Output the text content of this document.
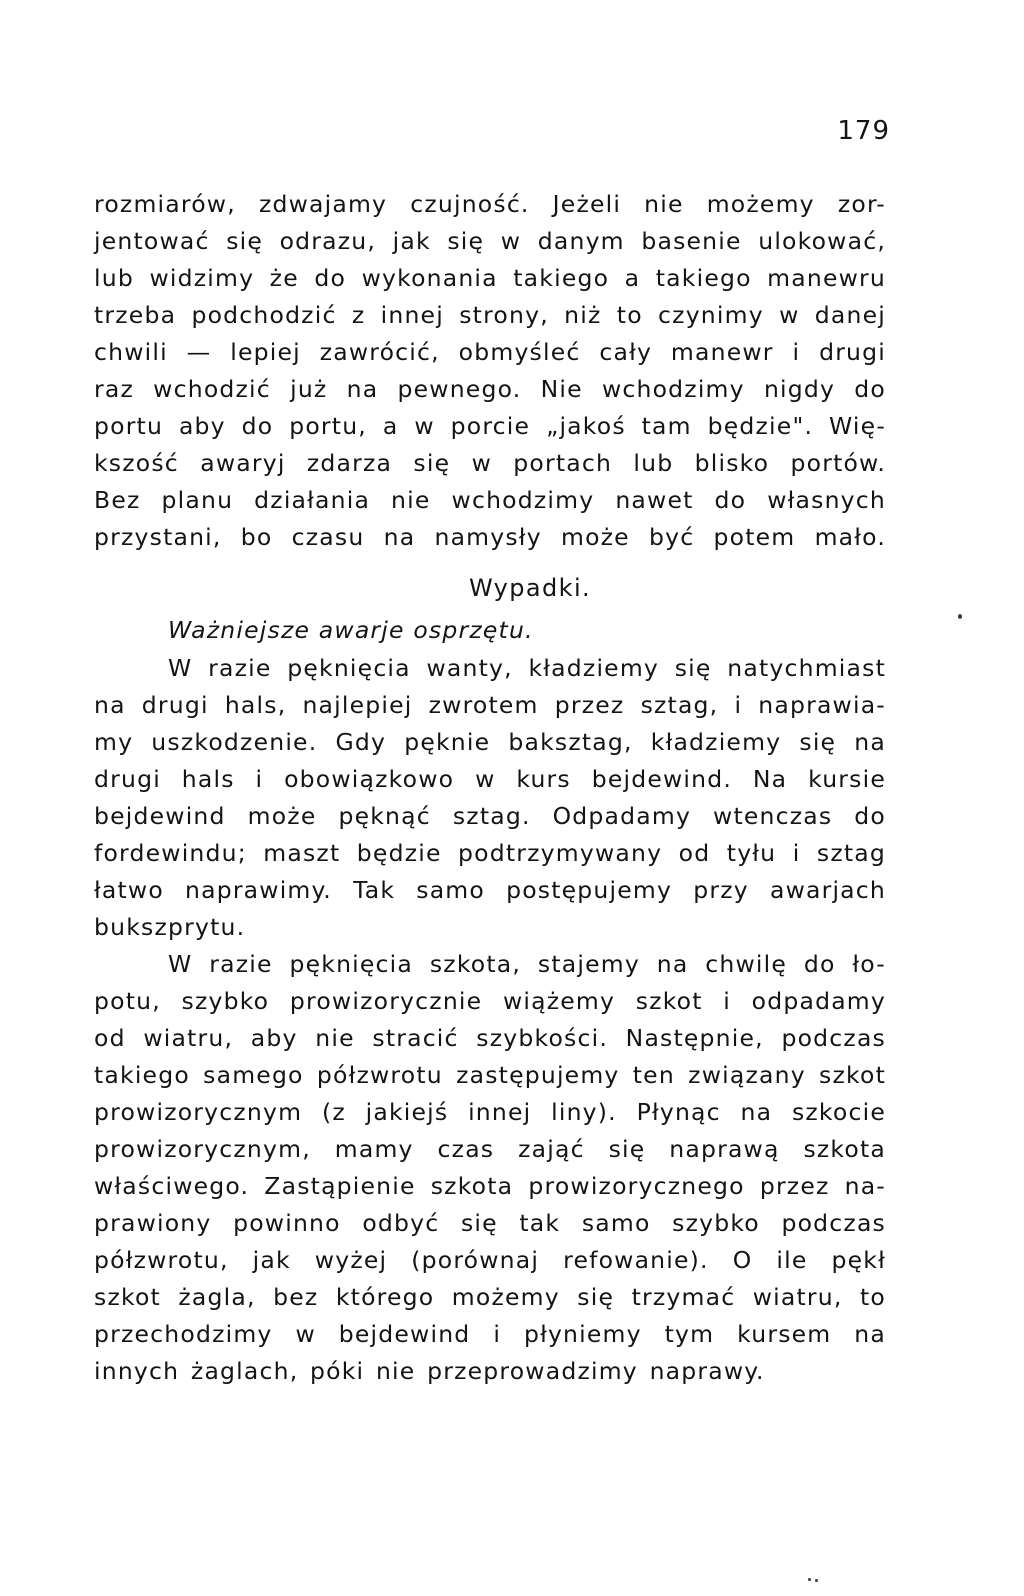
179
rozmiarów, zdwajamy czujność. Jeżeli nie możemy zor-
jentować się odrazu, jak się w danym basenie ulokować,
lub widzimy że do wykonania takiego a takiego manewru
trzeba podchodzić z innej strony, niż to czynimy w danej
chwili — lepiej zawrócić, obmyśleć cały manewr i drugi
raz wchodzić już na pewnego. Nie wchodzimy nigdy do
portu aby do portu, a w porcie „jakoś tam będzie". Wię-
kszość awaryj zdarza się w portach lub blisko portów.
Bez planu działania nie wchodzimy nawet do własnych
przystani, bo czasu na namysły może być potem mało.
Wypadki.
Ważniejsze awarje osprzętu.
W razie pęknięcia wanty, kładziemy się natychmiast
na drugi hals, najlepiej zwrotem przez sztag, i naprawia-
my uszkodzenie. Gdy pęknie baksztag, kładziemy się na
drugi hals i obowiązkowo w kurs bejdewind. Na kursie
bejdewind może pęknąć sztag. Odpadamy wtenczas do
fordewindu; maszt będzie podtrzymywany od tyłu i sztag
łatwo naprawimy. Tak samo postępujemy przy awarjach
bukszprytu.
W razie pęknięcia szkota, stajemy na chwilę do ło-
potu, szybko prowizorycznie wiążemy szkot i odpadamy
od wiatru, aby nie stracić szybkości. Następnie, podczas
takiego samego półzwrotu zastępujemy ten związany szkot
prowizorycznym (z jakiejś innej liny). Płynąc na szkocie
prowizorycznym, mamy czas zająć się naprawą szkota
właściwego. Zastąpienie szkota prowizorycznego przez na-
prawiony powinno odbyć się tak samo szybko podczas
półzwrotu, jak wyżej (porównaj refowanie). O ile pękł
szkot żagla, bez którego możemy się trzymać wiatru, to
przechodzimy w bejdewind i płyniemy tym kursem na
innych żaglach, póki nie przeprowadzimy naprawy.
